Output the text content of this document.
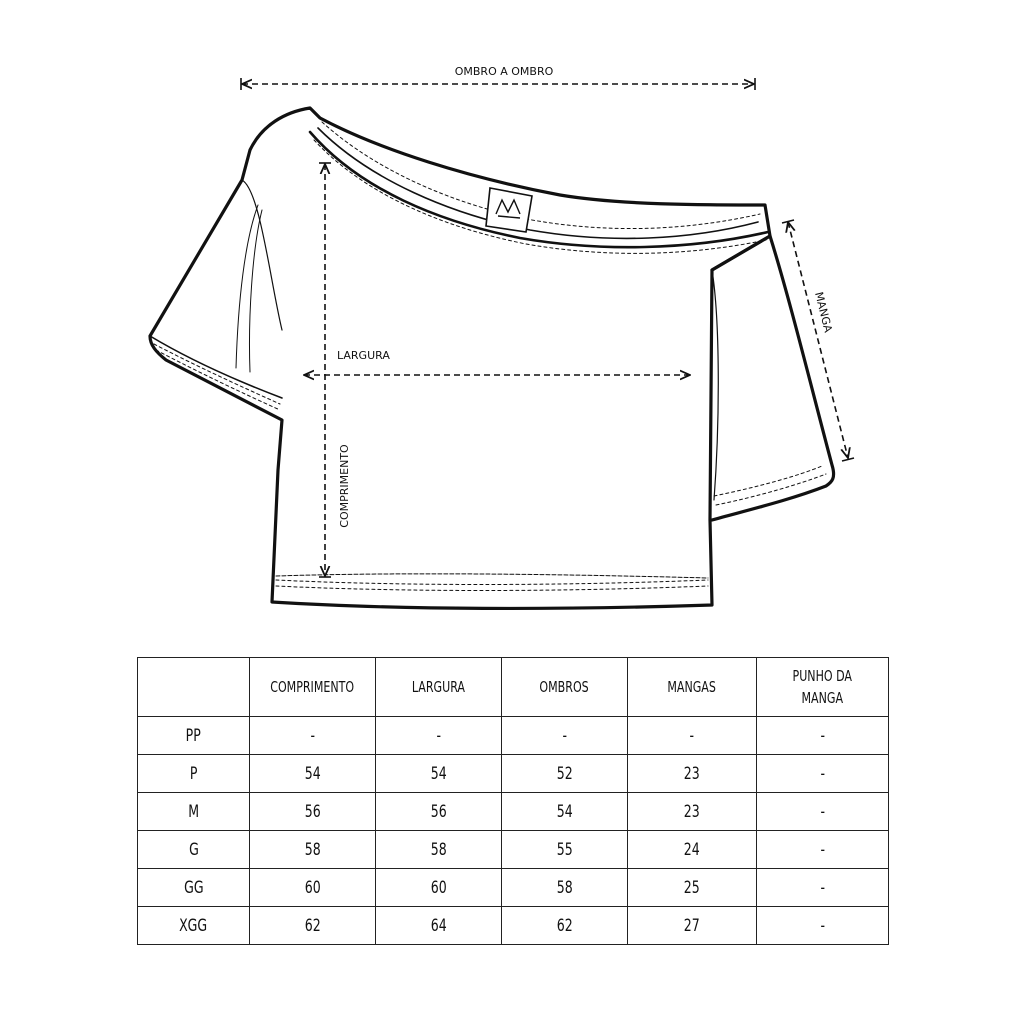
OMBRO A OMBRO
LARGURA
COMPRIMENTO
MANGA
	COMPRIMENTO	LARGURA	OMBROS	MANGAS	PUNHO DA
MANGA
PP	-	-	-	-	-
P	54	54	52	23	-
M	56	56	54	23	-
G	58	58	55	24	-
GG	60	60	58	25	-
XGG	62	64	62	27	-
